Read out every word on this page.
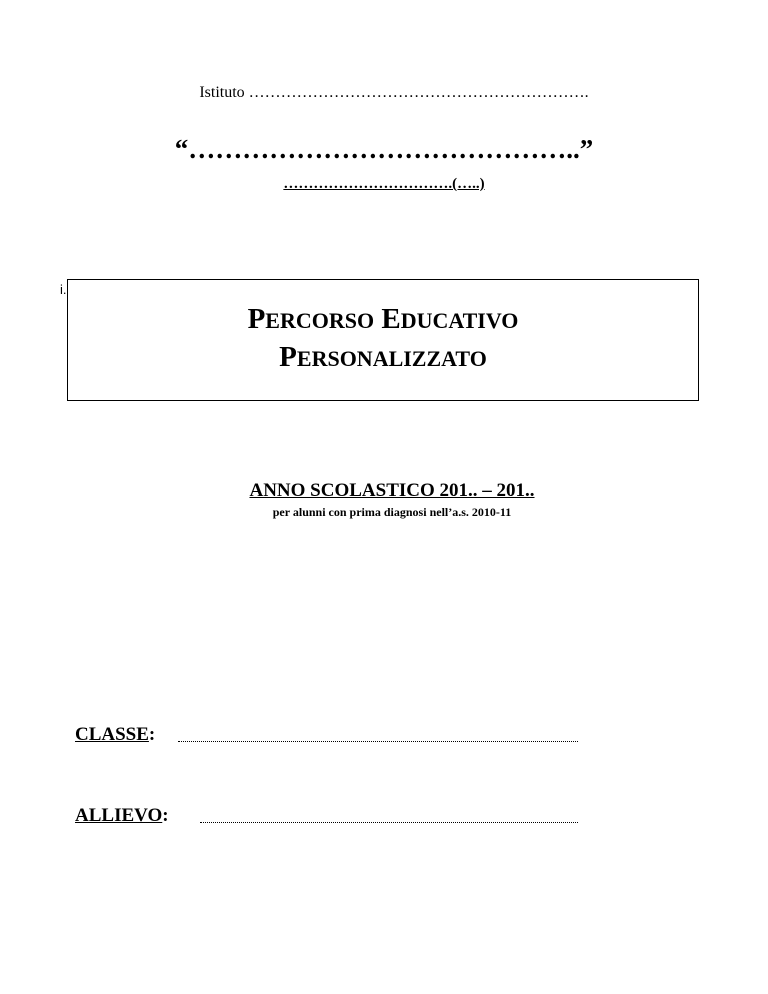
Istituto ……………………………………………………….
“……………………………………..”
…………………………….(…..)
i.
PERCORSO EDUCATIVO
PERSONALIZZATO
ANNO SCOLASTICO 201.. – 201..
per alunni con prima diagnosi nell’a.s. 2010-11
CLASSE:
ALLIEVO:
